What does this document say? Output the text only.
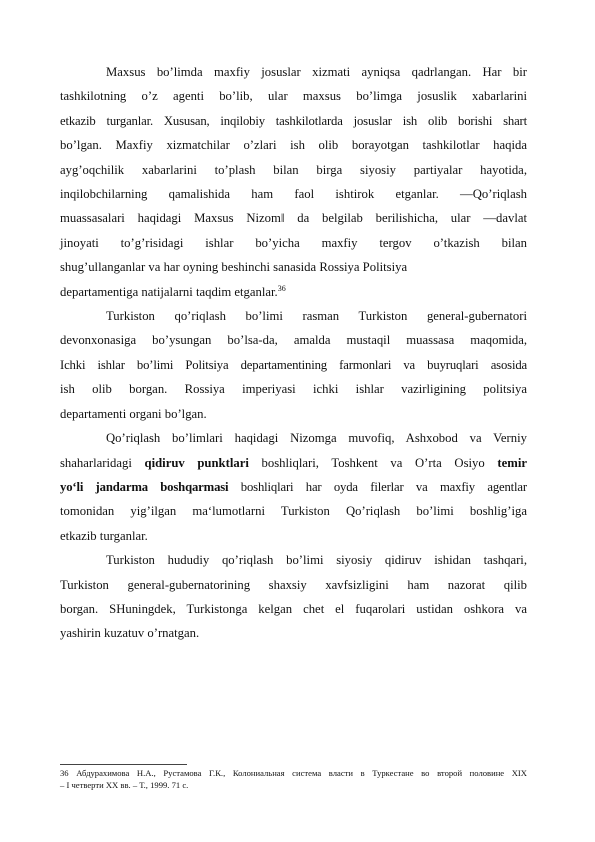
Maxsus bo’limda maxfiy josuslar xizmati ayniqsa qadrlangan. Har bir
tashkilotning o’z agenti bo’lib, ular maxsus bo’limga josuslik xabarlarini
etkazib turganlar. Xususan, inqilobiy tashkilotlarda josuslar ish olib borishi shart
bo’lgan. Maxfiy xizmatchilar o’zlari ish olib borayotgan tashkilotlar haqida
ayg’oqchilik xabarlarini to’plash bilan birga siyosiy partiyalar hayotida,
inqilobchilarning qamalishida ham faol ishtirok etganlar. ―Qo’riqlash
muassasalari haqidagi Maxsus Nizom‖ da belgilab berilishicha, ular ―davlat
jinoyati to’g’risidagi ishlar bo’yicha maxfiy tergov o’tkazish bilan
shug’ullanganlar va har oyning beshinchi sanasida Rossiya Politsiya
departamentiga natijalarni taqdim etganlar.$^{36}$

Turkiston qo’riqlash bo’limi rasman Turkiston general-gubernatori
devonxonasiga bo’ysungan bo’lsa-da, amalda mustaqil muassasa maqomida,
Ichki ishlar bo’limi Politsiya departamentining farmonlari va buyruqlari asosida
ish olib borgan. Rossiya imperiyasi ichki ishlar vazirligining politsiya
departamenti organi bo’lgan.

Qo’riqlash bo’limlari haqidagi Nizomga muvofiq, Ashxobod va Verniy
shaharlaridagi qidiruv punktlari boshliqlari, Toshkent va O’rta Osiyo temir
yo‘li jandarma boshqarmasi boshliqlari har oyda filerlar va maxfiy agentlar
tomonidan yig’ilgan ma‘lumotlarni Turkiston Qo’riqlash bo’limi boshlig’iga
etkazib turganlar.

Turkiston hududiy qo’riqlash bo’limi siyosiy qidiruv ishidan tashqari,
Turkiston general-gubernatorining shaxsiy xavfsizligini ham nazorat qilib
borgan. SHuningdek, Turkistonga kelgan chet el fuqarolari ustidan oshkora va
yashirin kuzatuv o’rnatgan.

36 Абдурахимова Н.А., Рустамова Г.К., Колониальная система власти в Туркестане во второй половине XIX
– I четверти XX вв. – Т., 1999. 71 с.
